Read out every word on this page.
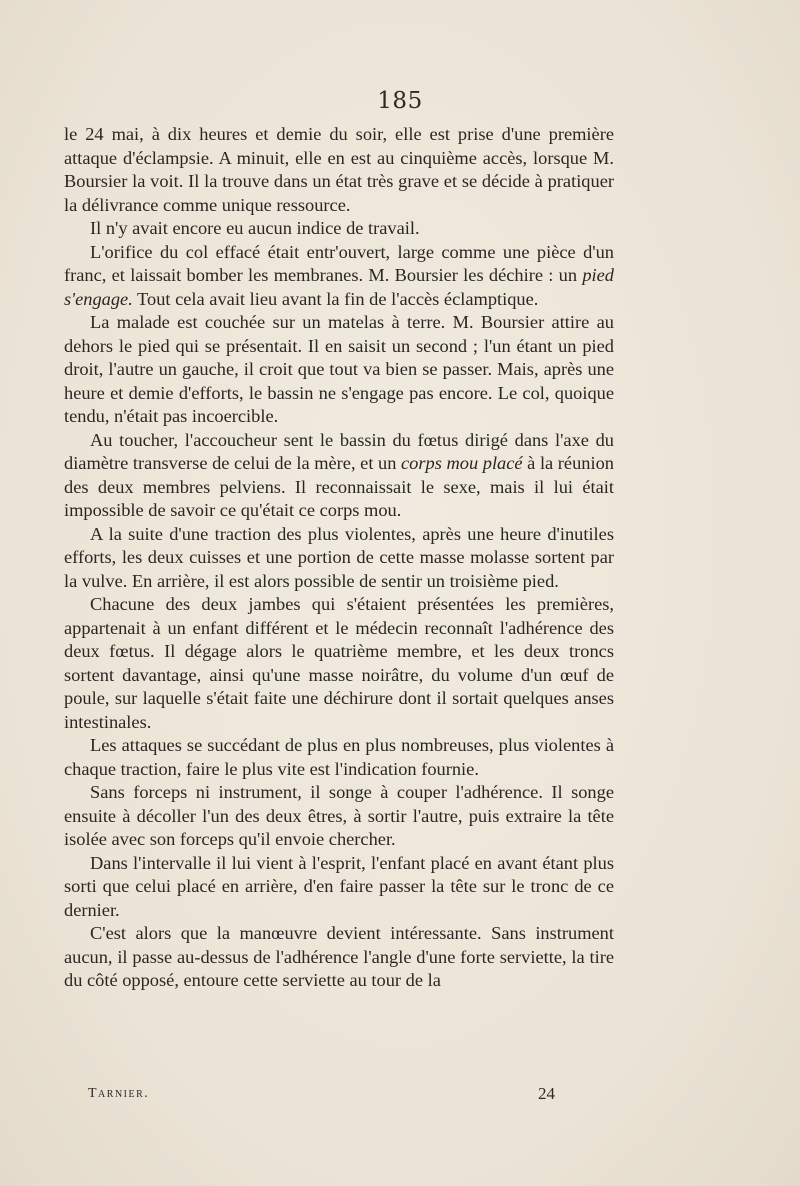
185

le 24 mai, à dix heures et demie du soir, elle est prise d'une première attaque d'éclampsie. A minuit, elle en est au cinquième accès, lorsque M. Boursier la voit. Il la trouve dans un état très grave et se décide à pratiquer la délivrance comme unique ressource.

Il n'y avait encore eu aucun indice de travail.

L'orifice du col effacé était entr'ouvert, large comme une pièce d'un franc, et laissait bomber les membranes. M. Boursier les déchire : un pied s'engage. Tout cela avait lieu avant la fin de l'accès éclamptique.

La malade est couchée sur un matelas à terre. M. Boursier attire au dehors le pied qui se présentait. Il en saisit un second ; l'un étant un pied droit, l'autre un gauche, il croit que tout va bien se passer. Mais, après une heure et demie d'efforts, le bassin ne s'engage pas encore. Le col, quoique tendu, n'était pas incoercible.

Au toucher, l'accoucheur sent le bassin du fœtus dirigé dans l'axe du diamètre transverse de celui de la mère, et un corps mou placé à la réunion des deux membres pelviens. Il reconnaissait le sexe, mais il lui était impossible de savoir ce qu'était ce corps mou.

A la suite d'une traction des plus violentes, après une heure d'inutiles efforts, les deux cuisses et une portion de cette masse molasse sortent par la vulve. En arrière, il est alors possible de sentir un troisième pied.

Chacune des deux jambes qui s'étaient présentées les premières, appartenait à un enfant différent et le médecin reconnaît l'adhérence des deux fœtus. Il dégage alors le quatrième membre, et les deux troncs sortent davantage, ainsi qu'une masse noirâtre, du volume d'un œuf de poule, sur laquelle s'était faite une déchirure dont il sortait quelques anses intestinales.

Les attaques se succédant de plus en plus nombreuses, plus violentes à chaque traction, faire le plus vite est l'indication fournie.

Sans forceps ni instrument, il songe à couper l'adhérence. Il songe ensuite à décoller l'un des deux êtres, à sortir l'autre, puis extraire la tête isolée avec son forceps qu'il envoie chercher.

Dans l'intervalle il lui vient à l'esprit, l'enfant placé en avant étant plus sorti que celui placé en arrière, d'en faire passer la tête sur le tronc de ce dernier.

C'est alors que la manœuvre devient intéressante. Sans instrument aucun, il passe au-dessus de l'adhérence l'angle d'une forte serviette, la tire du côté opposé, entoure cette serviette au tour de la

Tarnier.	24
